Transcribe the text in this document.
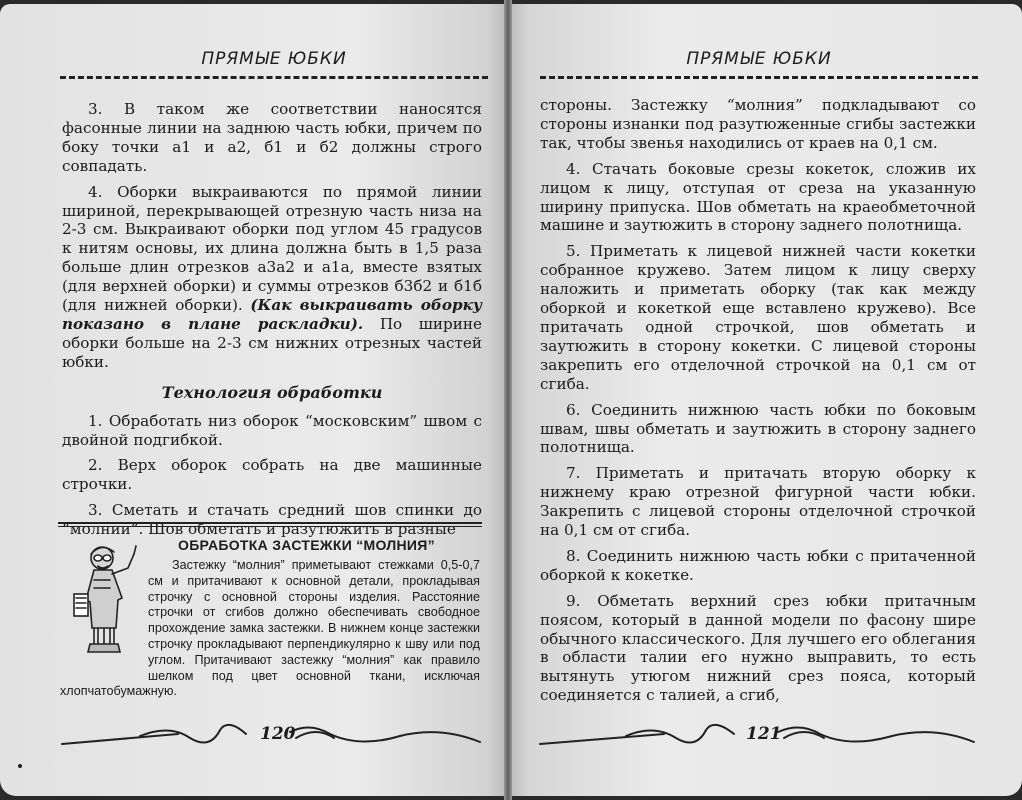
ПРЯМЫЕ ЮБКИ

3. В таком же соответствии наносятся фасонные линии на заднюю часть юбки, причем по боку точки а1 и а2, б1 и б2 должны строго совпадать.

4. Оборки выкраиваются по прямой линии шириной, перекрывающей отрезную часть низа на 2-3 см. Выкраивают оборки под углом 45 градусов к нитям основы, их длина должна быть в 1,5 раза больше длин отрезков а3а2 и а1а, вместе взятых (для верхней оборки) и суммы отрезков б3б2 и б1б (для нижней оборки). (Как выкраивать оборку показано в плане раскладки). По ширине оборки больше на 2-3 см нижних отрезных частей юбки.

Технология обработки

1. Обработать низ оборок “московским” швом с двойной подгибкой.

2. Верх оборок собрать на две машинные строчки.

3. Сметать и стачать средний шов спинки до “молнии”. Шов обметать и разутюжить в разные

ОБРАБОТКА ЗАСТЕЖКИ “МОЛНИЯ”

Застежку “молния” приметывают стежками 0,5-0,7 см и притачивают к основной детали, прокладывая строчку с основной стороны изделия. Расстояние строчки от сгибов должно обеспечивать свободное прохождение замка застежки. В нижнем конце застежки строчку прокладывают перпендикулярно к шву или под углом. Притачивают застежку “молния” как правило шелком под цвет основной ткани, исключая хлопчатобумажную.

120
ПРЯМЫЕ ЮБКИ

стороны. Застежку “молния” подкладывают со стороны изнанки под разутюженные сгибы застежки так, чтобы звенья находились от краев на 0,1 см.

4. Стачать боковые срезы кокеток, сложив их лицом к лицу, отступая от среза на указанную ширину припуска. Шов обметать на краеобметочной машине и заутюжить в сторону заднего полотнища.

5. Приметать к лицевой нижней части кокетки собранное кружево. Затем лицом к лицу сверху наложить и приметать оборку (так как между оборкой и кокеткой еще вставлено кружево). Все притачать одной строчкой, шов обметать и заутюжить в сторону кокетки. С лицевой стороны закрепить его отделочной строчкой на 0,1 см от сгиба.

6. Соединить нижнюю часть юбки по боковым швам, швы обметать и заутюжить в сторону заднего полотнища.

7. Приметать и притачать вторую оборку к нижнему краю отрезной фигурной части юбки. Закрепить с лицевой стороны отделочной строчкой на 0,1 см от сгиба.

8. Соединить нижнюю часть юбки с притаченной оборкой к кокетке.

9. Обметать верхний срез юбки притачным поясом, который в данной модели по фасону шире обычного классического. Для лучшего его облегания в области талии его нужно выправить, то есть вытянуть утюгом нижний срез пояса, который соединяется с талией, а сгиб,

121
